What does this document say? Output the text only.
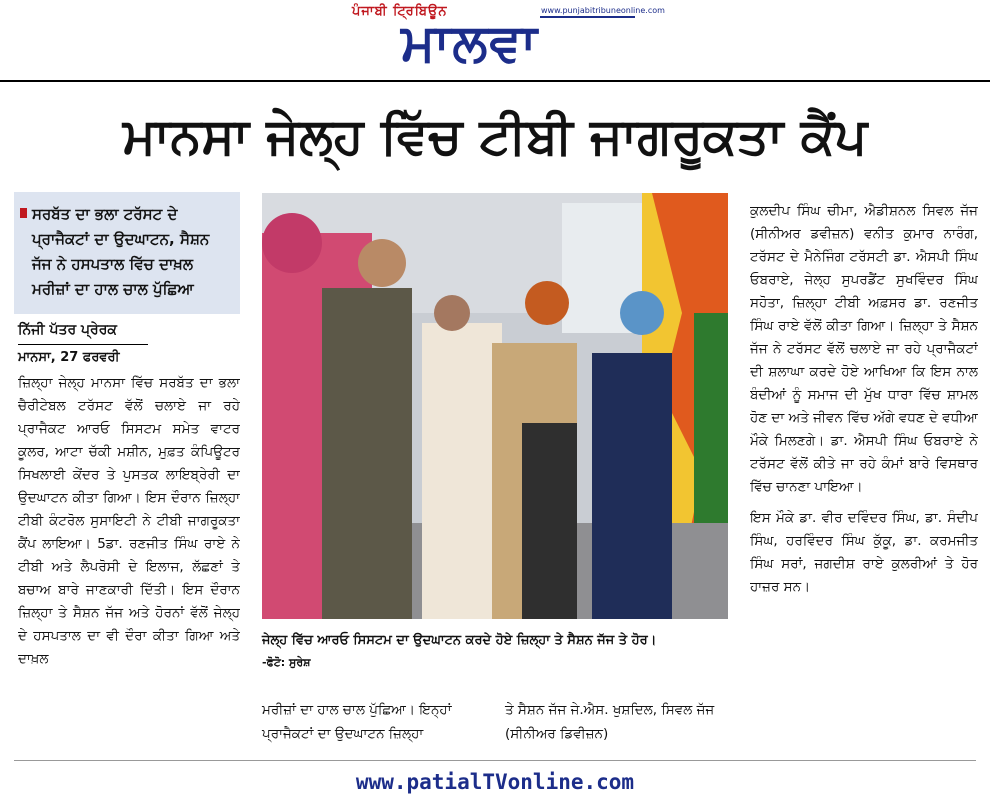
ਪੰਜਾਬੀ ਟ੍ਰਿਬਿਊਨ	www.punjabitribuneonline.com
ਮਾਲਵਾ
ਮਾਨਸਾ ਜੇਲ੍ਹ ਵਿੱਚ ਟੀਬੀ ਜਾਗਰੂਕਤਾ ਕੈਂਪ
ਸਰਬੱਤ ਦਾ ਭਲਾ ਟਰੱਸਟ ਦੇ ਪ੍ਰਾਜੈਕਟਾਂ ਦਾ ਉਦਘਾਟਨ, ਸੈਸ਼ਨ ਜੱਜ ਨੇ ਹਸਪਤਾਲ ਵਿੱਚ ਦਾਖ਼ਲ ਮਰੀਜ਼ਾਂ ਦਾ ਹਾਲ ਚਾਲ ਪੁੱਛਿਆ
ਨਿੱਜੀ ਪੱਤਰ ਪ੍ਰੇਰਕ
ਮਾਨਸਾ, 27 ਫਰਵਰੀ
ਜ਼ਿਲ੍ਹਾ ਜੇਲ੍ਹ ਮਾਨਸਾ ਵਿੱਚ ਸਰਬੱਤ ਦਾ ਭਲਾ ਚੈਰੀਟੇਬਲ ਟਰੱਸਟ ਵੱਲੋਂ ਚਲਾਏ ਜਾ ਰਹੇ ਪ੍ਰਾਜੈਕਟ ਆਰਓ ਸਿਸਟਮ ਸਮੇਤ ਵਾਟਰ ਕੂਲਰ, ਆਟਾ ਚੱਕੀ ਮਸ਼ੀਨ, ਮੁਫ਼ਤ ਕੰਪਿਊਟਰ ਸਿਖਲਾਈ ਕੇਂਦਰ ਤੇ ਪੁਸਤਕ ਲਾਇਬ੍ਰੇਰੀ ਦਾ ਉਦਘਾਟਨ ਕੀਤਾ ਗਿਆ। ਇਸ ਦੌਰਾਨ ਜ਼ਿਲ੍ਹਾ ਟੀਬੀ ਕੰਟਰੋਲ ਸੁਸਾਇਟੀ ਨੇ ਟੀਬੀ ਜਾਗਰੂਕਤਾ ਕੈਂਪ ਲਾਇਆ। 5ਡਾ. ਰਣਜੀਤ ਸਿੰਘ ਰਾਏ ਨੇ ਟੀਬੀ ਅਤੇ ਲੈਪਰੋਸੀ ਦੇ ਇਲਾਜ, ਲੱਛਣਾਂ ਤੇ ਬਚਾਅ ਬਾਰੇ ਜਾਣਕਾਰੀ ਦਿੱਤੀ। ਇਸ ਦੌਰਾਨ ਜ਼ਿਲ੍ਹਾ ਤੇ ਸੈਸ਼ਨ ਜੱਜ ਅਤੇ ਹੋਰਨਾਂ ਵੱਲੋਂ ਜੇਲ੍ਹ ਦੇ ਹਸਪਤਾਲ ਦਾ ਵੀ ਦੌਰਾ ਕੀਤਾ ਗਿਆ ਅਤੇ ਦਾਖ਼ਲ
ਜੇਲ੍ਹ ਵਿੱਚ ਆਰਓ ਸਿਸਟਮ ਦਾ ਉਦਘਾਟਨ ਕਰਦੇ ਹੋਏ ਜ਼ਿਲ੍ਹਾ ਤੇ ਸੈਸ਼ਨ ਜੱਜ ਤੇ ਹੋਰ।
-ਫੋਟੋ: ਸੁਰੇਸ਼
ਮਰੀਜ਼ਾਂ ਦਾ ਹਾਲ ਚਾਲ ਪੁੱਛਿਆ। ਇਨ੍ਹਾਂ ਪ੍ਰਾਜੈਕਟਾਂ ਦਾ ਉਦਘਾਟਨ ਜ਼ਿਲ੍ਹਾ
ਤੇ ਸੈਸ਼ਨ ਜੱਜ ਜੇ.ਐਸ. ਖੁਸ਼ਦਿਲ, ਸਿਵਲ ਜੱਜ (ਸੀਨੀਅਰ ਡਿਵੀਜ਼ਨ)

ਕੁਲਦੀਪ ਸਿੰਘ ਚੀਮਾ, ਐਡੀਸ਼ਨਲ ਸਿਵਲ ਜੱਜ (ਸੀਨੀਅਰ ਡਵੀਜ਼ਨ) ਵਨੀਤ ਕੁਮਾਰ ਨਾਰੰਗ, ਟਰੱਸਟ ਦੇ ਮੈਨੇਜਿੰਗ ਟਰੱਸਟੀ ਡਾ. ਐਸਪੀ ਸਿੰਘ ਓਬਰਾਏ, ਜੇਲ੍ਹ ਸੁਪਰਡੈਂਟ ਸੁਖਵਿੰਦਰ ਸਿੰਘ ਸਹੋਤਾ, ਜ਼ਿਲ੍ਹਾ ਟੀਬੀ ਅਫ਼ਸਰ ਡਾ. ਰਣਜੀਤ ਸਿੰਘ ਰਾਏ ਵੱਲੋਂ ਕੀਤਾ ਗਿਆ। ਜ਼ਿਲ੍ਹਾ ਤੇ ਸੈਸ਼ਨ ਜੱਜ ਨੇ ਟਰੱਸਟ ਵੱਲੋਂ ਚਲਾਏ ਜਾ ਰਹੇ ਪ੍ਰਾਜੈਕਟਾਂ ਦੀ ਸ਼ਲਾਘਾ ਕਰਦੇ ਹੋਏ ਆਖਿਆ ਕਿ ਇਸ ਨਾਲ ਬੰਦੀਆਂ ਨੂੰ ਸਮਾਜ ਦੀ ਮੁੱਖ ਧਾਰਾ ਵਿੱਚ ਸ਼ਾਮਲ ਹੋਣ ਦਾ ਅਤੇ ਜੀਵਨ ਵਿੱਚ ਅੱਗੇ ਵਧਣ ਦੇ ਵਧੀਆ ਮੌਕੇ ਮਿਲਣਗੇ। ਡਾ. ਐਸਪੀ ਸਿੰਘ ਓਬਰਾਏ ਨੇ ਟਰੱਸਟ ਵੱਲੋਂ ਕੀਤੇ ਜਾ ਰਹੇ ਕੰਮਾਂ ਬਾਰੇ ਵਿਸਥਾਰ ਵਿੱਚ ਚਾਨਣਾ ਪਾਇਆ।

ਇਸ ਮੌਕੇ ਡਾ. ਵੀਰ ਦਵਿੰਦਰ ਸਿੰਘ, ਡਾ. ਸੰਦੀਪ ਸਿੰਘ, ਹਰਵਿੰਦਰ ਸਿੰਘ ਕੁੱਕੂ, ਡਾ. ਕਰਮਜੀਤ ਸਿੰਘ ਸਰਾਂ, ਜਗਦੀਸ਼ ਰਾਏ ਕੁਲਰੀਆਂ ਤੇ ਹੋਰ ਹਾਜ਼ਰ ਸਨ।

www.patialTVonline.com
